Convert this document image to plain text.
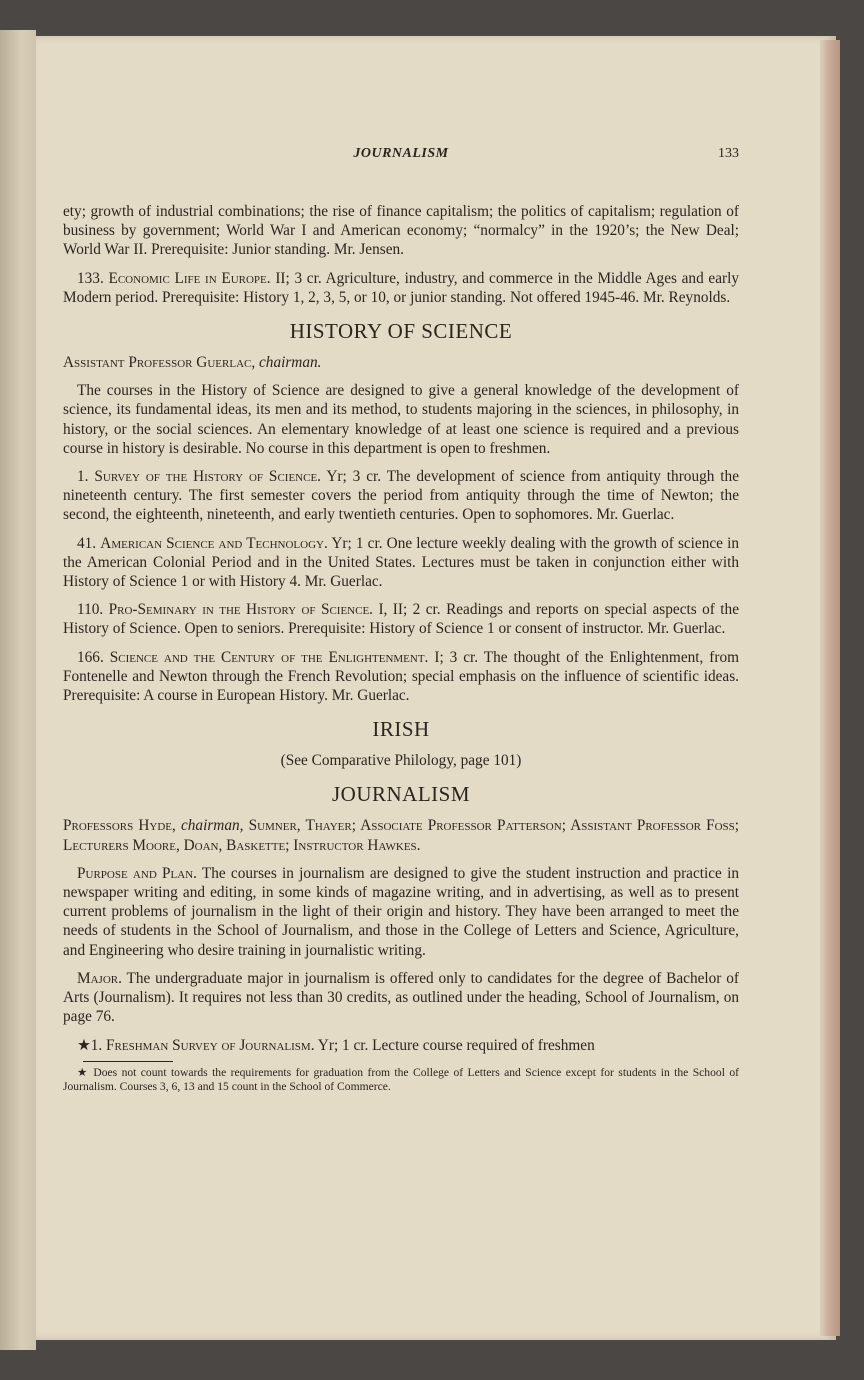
JOURNALISM	133

ety; growth of industrial combinations; the rise of finance capitalism; the politics of capitalism; regulation of business by government; World War I and American economy; “normalcy” in the 1920’s; the New Deal; World War II. Prerequisite: Junior standing. Mr. Jensen.

133. Economic Life in Europe. II; 3 cr. Agriculture, industry, and commerce in the Middle Ages and early Modern period. Prerequisite: History 1, 2, 3, 5, or 10, or junior standing. Not offered 1945-46. Mr. Reynolds.

HISTORY OF SCIENCE

Assistant Professor Guerlac, chairman.

The courses in the History of Science are designed to give a general knowledge of the development of science, its fundamental ideas, its men and its method, to students majoring in the sciences, in philosophy, in history, or the social sciences. An elementary knowledge of at least one science is required and a previous course in history is desirable. No course in this department is open to freshmen.

1. Survey of the History of Science. Yr; 3 cr. The development of science from antiquity through the nineteenth century. The first semester covers the period from antiquity through the time of Newton; the second, the eighteenth, nineteenth, and early twentieth centuries. Open to sophomores. Mr. Guerlac.

41. American Science and Technology. Yr; 1 cr. One lecture weekly dealing with the growth of science in the American Colonial Period and in the United States. Lectures must be taken in conjunction either with History of Science 1 or with History 4. Mr. Guerlac.

110. Pro-Seminary in the History of Science. I, II; 2 cr. Readings and reports on special aspects of the History of Science. Open to seniors. Prerequisite: History of Science 1 or consent of instructor. Mr. Guerlac.

166. Science and the Century of the Enlightenment. I; 3 cr. The thought of the Enlightenment, from Fontenelle and Newton through the French Revolution; special emphasis on the influence of scientific ideas. Prerequisite: A course in European History. Mr. Guerlac.

IRISH

(See Comparative Philology, page 101)

JOURNALISM

Professors Hyde, chairman, Sumner, Thayer; Associate Professor Patterson; Assistant Professor Foss; Lecturers Moore, Doan, Baskette; Instructor Hawkes.

Purpose and Plan. The courses in journalism are designed to give the student instruction and practice in newspaper writing and editing, in some kinds of magazine writing, and in advertising, as well as to present current problems of journalism in the light of their origin and history. They have been arranged to meet the needs of students in the School of Journalism, and those in the College of Letters and Science, Agriculture, and Engineering who desire training in journalistic writing.

Major. The undergraduate major in journalism is offered only to candidates for the degree of Bachelor of Arts (Journalism). It requires not less than 30 credits, as outlined under the heading, School of Journalism, on page 76.

★1. Freshman Survey of Journalism. Yr; 1 cr. Lecture course required of freshmen

★ Does not count towards the requirements for graduation from the College of Letters and Science except for students in the School of Journalism. Courses 3, 6, 13 and 15 count in the School of Commerce.
